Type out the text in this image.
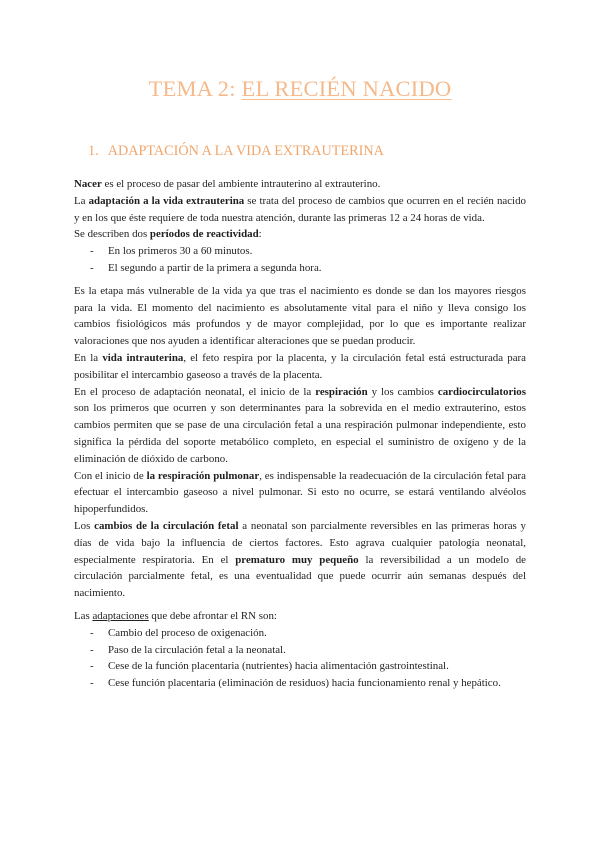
TEMA 2: EL RECIÉN NACIDO
1. ADAPTACIÓN A LA VIDA EXTRAUTERINA

Nacer es el proceso de pasar del ambiente intrauterino al extrauterino.

La adaptación a la vida extrauterina se trata del proceso de cambios que ocurren en el recién nacido y en los que éste requiere de toda nuestra atención, durante las primeras 12 a 24 horas de vida.

Se describen dos períodos de reactividad:

- En los primeros 30 a 60 minutos.
- El segundo a partir de la primera a segunda hora.

Es la etapa más vulnerable de la vida ya que tras el nacimiento es donde se dan los mayores riesgos para la vida. El momento del nacimiento es absolutamente vital para el niño y lleva consigo los cambios fisiológicos más profundos y de mayor complejidad, por lo que es importante realizar valoraciones que nos ayuden a identificar alteraciones que se puedan producir.

En la vida intrauterina, el feto respira por la placenta, y la circulación fetal está estructurada para posibilitar el intercambio gaseoso a través de la placenta.

En el proceso de adaptación neonatal, el inicio de la respiración y los cambios cardiocirculatorios son los primeros que ocurren y son determinantes para la sobrevida en el medio extrauterino, estos cambios permiten que se pase de una circulación fetal a una respiración pulmonar independiente, esto significa la pérdida del soporte metabólico completo, en especial el suministro de oxígeno y de la eliminación de dióxido de carbono.

Con el inicio de la respiración pulmonar, es indispensable la readecuación de la circulación fetal para efectuar el intercambio gaseoso a nivel pulmonar. Si esto no ocurre, se estará ventilando alvéolos hipoperfundidos.

Los cambios de la circulación fetal a neonatal son parcialmente reversibles en las primeras horas y días de vida bajo la influencia de ciertos factores. Esto agrava cualquier patología neonatal, especialmente respiratoria. En el prematuro muy pequeño la reversibilidad a un modelo de circulación parcialmente fetal, es una eventualidad que puede ocurrir aún semanas después del nacimiento.

Las adaptaciones que debe afrontar el RN son:

- Cambio del proceso de oxigenación.
- Paso de la circulación fetal a la neonatal.
- Cese de la función placentaria (nutrientes) hacia alimentación gastrointestinal.
- Cese función placentaria (eliminación de residuos) hacia funcionamiento renal y hepático.
